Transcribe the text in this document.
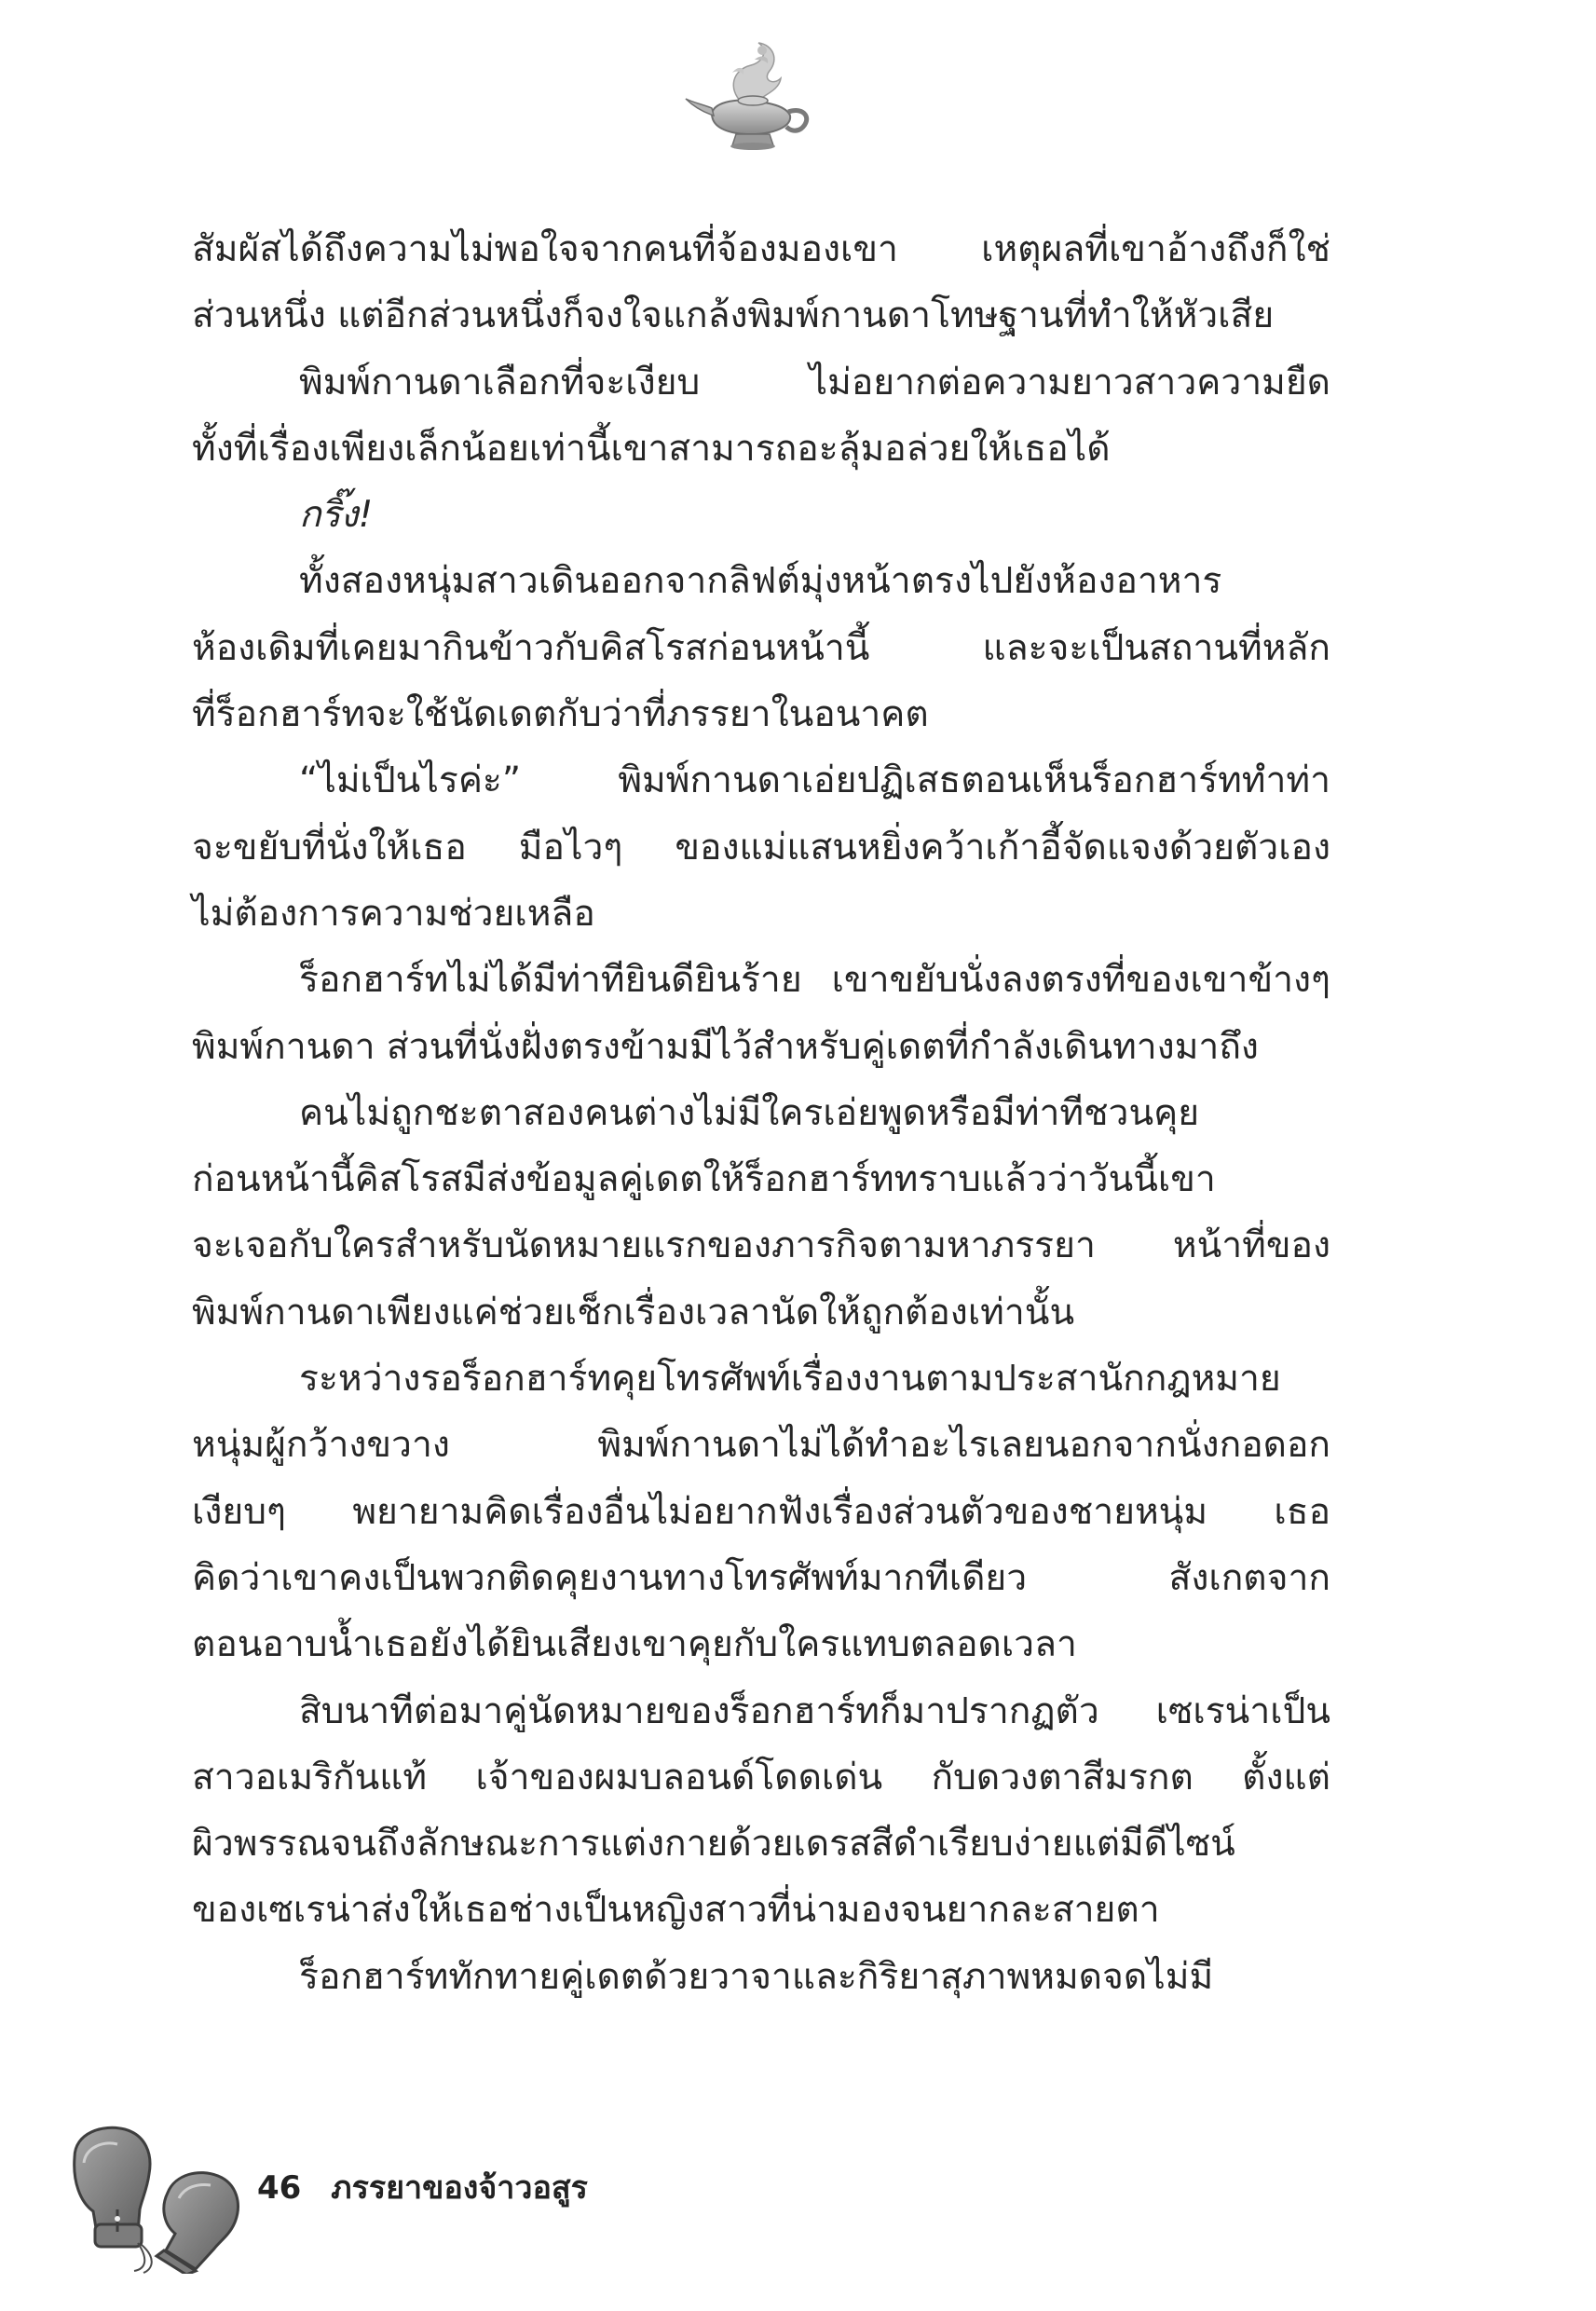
สัมผัสได้ถึงความไม่พอใจจากคนที่จ้องมองเขา เหตุผลที่เขาอ้างถึงก็ใช่
ส่วนหนึ่ง แต่อีกส่วนหนึ่งก็จงใจแกล้งพิมพ์กานดาโทษฐานที่ทำให้หัวเสีย
พิมพ์กานดาเลือกที่จะเงียบ ไม่อยากต่อความยาวสาวความยืด
ทั้งที่เรื่องเพียงเล็กน้อยเท่านี้เขาสามารถอะลุ้มอล่วยให้เธอได้
กริ๊ง!
ทั้งสองหนุ่มสาวเดินออกจากลิฟต์มุ่งหน้าตรงไปยังห้องอาหาร
ห้องเดิมที่เคยมากินข้าวกับคิสโรสก่อนหน้านี้ และจะเป็นสถานที่หลัก
ที่ร็อกฮาร์ทจะใช้นัดเดตกับว่าที่ภรรยาในอนาคต
“ไม่เป็นไรค่ะ” พิมพ์กานดาเอ่ยปฏิเสธตอนเห็นร็อกฮาร์ททำท่า
จะขยับที่นั่งให้เธอ มือไวๆ ของแม่แสนหยิ่งคว้าเก้าอี้จัดแจงด้วยตัวเอง
ไม่ต้องการความช่วยเหลือ
ร็อกฮาร์ทไม่ได้มีท่าทียินดียินร้าย เขาขยับนั่งลงตรงที่ของเขาข้างๆ
พิมพ์กานดา ส่วนที่นั่งฝั่งตรงข้ามมีไว้สำหรับคู่เดตที่กำลังเดินทางมาถึง
คนไม่ถูกชะตาสองคนต่างไม่มีใครเอ่ยพูดหรือมีท่าทีชวนคุย
ก่อนหน้านี้คิสโรสมีส่งข้อมูลคู่เดตให้ร็อกฮาร์ททราบแล้วว่าวันนี้เขา
จะเจอกับใครสำหรับนัดหมายแรกของภารกิจตามหาภรรยา หน้าที่ของ
พิมพ์กานดาเพียงแค่ช่วยเช็กเรื่องเวลานัดให้ถูกต้องเท่านั้น
ระหว่างรอร็อกฮาร์ทคุยโทรศัพท์เรื่องงานตามประสานักกฎหมาย
หนุ่มผู้กว้างขวาง พิมพ์กานดาไม่ได้ทำอะไรเลยนอกจากนั่งกอดอก
เงียบๆ พยายามคิดเรื่องอื่นไม่อยากฟังเรื่องส่วนตัวของชายหนุ่ม เธอ
คิดว่าเขาคงเป็นพวกติดคุยงานทางโทรศัพท์มากทีเดียว สังเกตจาก
ตอนอาบน้ำเธอยังได้ยินเสียงเขาคุยกับใครแทบตลอดเวลา
สิบนาทีต่อมาคู่นัดหมายของร็อกฮาร์ทก็มาปรากฏตัว เซเรน่าเป็น
สาวอเมริกันแท้ เจ้าของผมบลอนด์โดดเด่น กับดวงตาสีมรกต ตั้งแต่
ผิวพรรณจนถึงลักษณะการแต่งกายด้วยเดรสสีดำเรียบง่ายแต่มีดีไซน์
ของเซเรน่าส่งให้เธอช่างเป็นหญิงสาวที่น่ามองจนยากละสายตา
ร็อกฮาร์ททักทายคู่เดตด้วยวาจาและกิริยาสุภาพหมดจดไม่มี
46 ภรรยาของจ้าวอสูร
